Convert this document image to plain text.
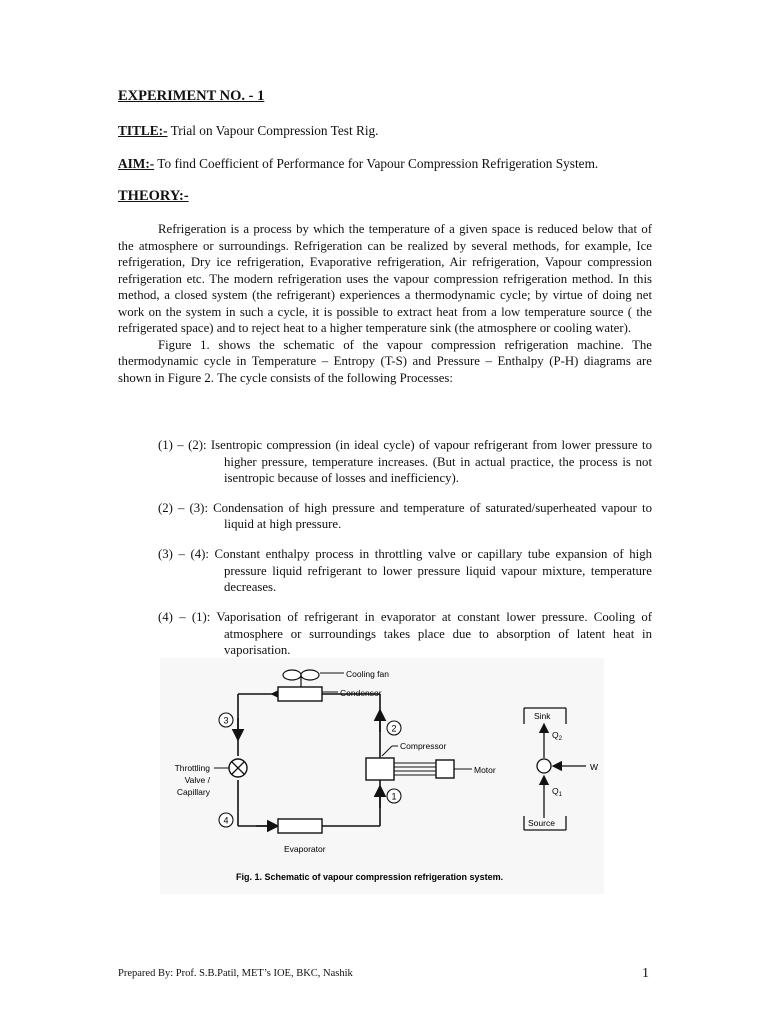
EXPERIMENT NO. - 1
TITLE:- Trial on Vapour Compression Test Rig.
AIM:- To find Coefficient of Performance for Vapour Compression Refrigeration System.
THEORY:-

Refrigeration is a process by which the temperature of a given space is reduced below that of the atmosphere or surroundings. Refrigeration can be realized by several methods, for example, Ice refrigeration, Dry ice refrigeration, Evaporative refrigeration, Air refrigeration, Vapour compression refrigeration etc. The modern refrigeration uses the vapour compression refrigeration method. In this method, a closed system (the refrigerant) experiences a thermodynamic cycle; by virtue of doing net work on the system in such a cycle, it is possible to extract heat from a low temperature source ( the refrigerated space) and to reject heat to a higher temperature sink (the atmosphere or cooling water).

Figure 1. shows the schematic of the vapour compression refrigeration machine. The thermodynamic cycle in Temperature – Entropy (T-S) and Pressure – Enthalpy (P-H) diagrams are shown in Figure 2. The cycle consists of the following Processes:

(1) – (2): Isentropic compression (in ideal cycle) of vapour refrigerant from lower pressure to higher pressure, temperature increases. (But in actual practice, the process is not isentropic because of losses and inefficiency).

(2) – (3): Condensation of high pressure and temperature of saturated/superheated vapour to liquid at high pressure.

(3) – (4): Constant enthalpy process in throttling valve or capillary tube expansion of high pressure liquid refrigerant to lower pressure liquid vapour mixture, temperature decreases.

(4) – (1): Vaporisation of refrigerant in evaporator at constant lower pressure. Cooling of atmosphere or surroundings takes place due to absorption of latent heat in vaporisation.

Cooling fan
Condensor
Motor
Compressor
Throttling
Valve /
Capillary
Evaporator
3
2
1
4
Sink
$Q_2$
W
$Q_1$
Source
Fig. 1. Schematic of vapour compression refrigeration system.
Prepared By: Prof. S.B.Patil, MET’s IOE, BKC, Nashik	1
